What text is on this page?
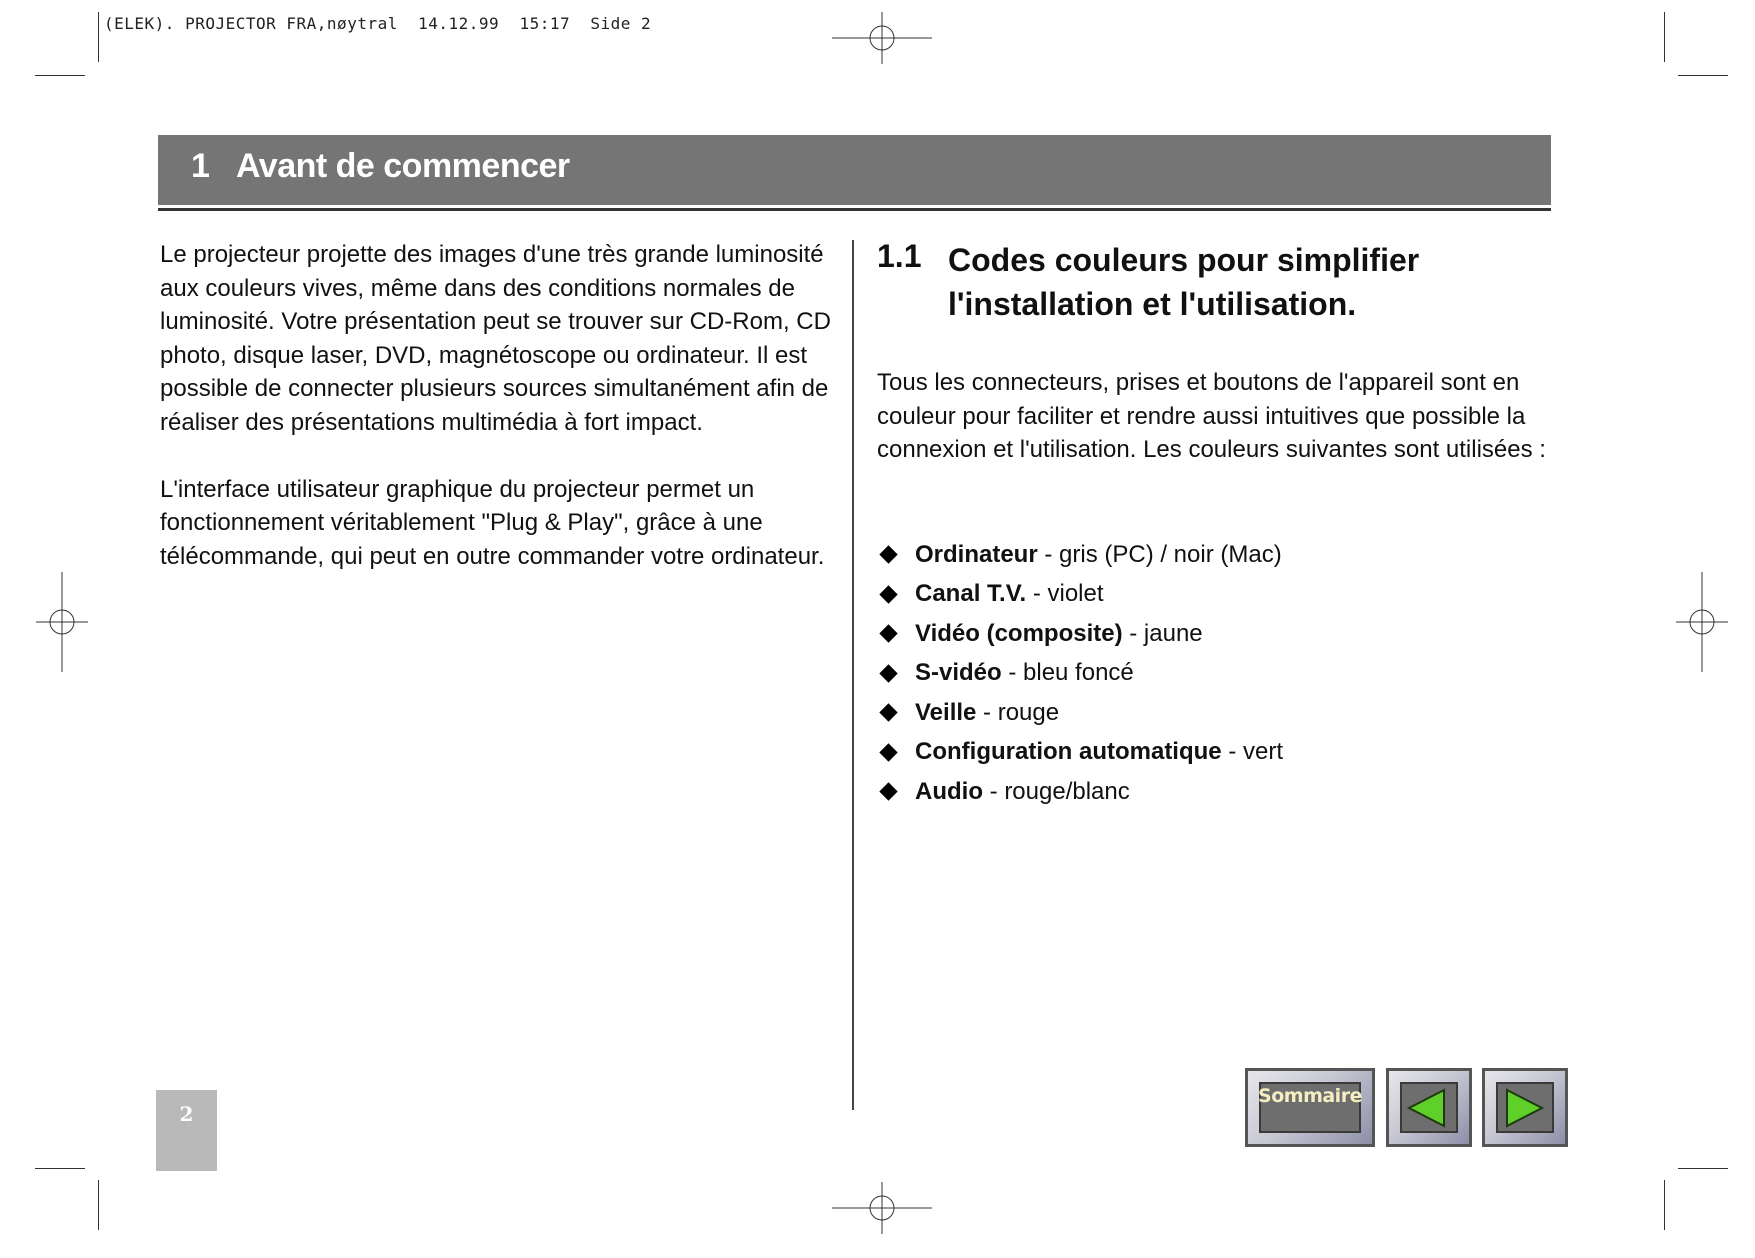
(ELEK). PROJECTOR FRA,nøytral  14.12.99  15:17  Side 2
1 Avant de commencer

Le projecteur projette des images d'une très grande luminosité aux couleurs vives, même dans des conditions normales de luminosité. Votre présentation peut se trouver sur CD-Rom, CD photo, disque laser, DVD, magnétoscope ou ordinateur. Il est possible de connecter plusieurs sources simultanément afin de réaliser des présentations multimédia à fort impact.

L'interface utilisateur graphique du projecteur permet un fonctionnement véritablement "Plug & Play", grâce à une télécommande, qui peut en outre commander votre ordinateur.

1.1 Codes couleurs pour simplifier
l'installation et l'utilisation.

Tous les connecteurs, prises et boutons de l'appareil sont en couleur pour faciliter et rendre aussi intuitives que possible la connexion et l'utilisation. Les couleurs suivantes sont utilisées :

Ordinateur - gris (PC) / noir (Mac)
Canal T.V. - violet
Vidéo (composite) - jaune
S-vidéo - bleu foncé
Veille - rouge
Configuration automatique - vert
Audio - rouge/blanc
2
Sommaire
